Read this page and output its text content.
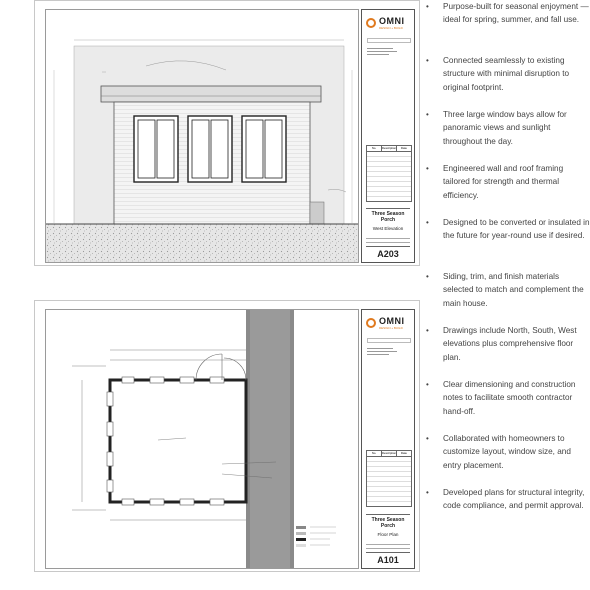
OMNI
DESIGN + BUILD
No.	Description	Date
Three Season Porch
West Elevation
A203
OMNI
DESIGN + BUILD
No.	Description	Date
Three Season Porch
Floor Plan
A101
• Purpose-built for seasonal enjoyment — ideal for spring, summer, and fall use.
• Connected seamlessly to existing structure with minimal disruption to original footprint.
• Three large window bays allow for panoramic views and sunlight throughout the day.
• Engineered wall and roof framing tailored for strength and thermal efficiency.
• Designed to be converted or insulated in the future for year-round use if desired.
• Siding, trim, and finish materials selected to match and complement the main house.
• Drawings include North, South, West elevations plus comprehensive floor plan.
• Clear dimensioning and construction notes to facilitate smooth contractor hand-off.
• Collaborated with homeowners to customize layout, window size, and entry placement.
• Developed plans for structural integrity, code compliance, and permit approval.
